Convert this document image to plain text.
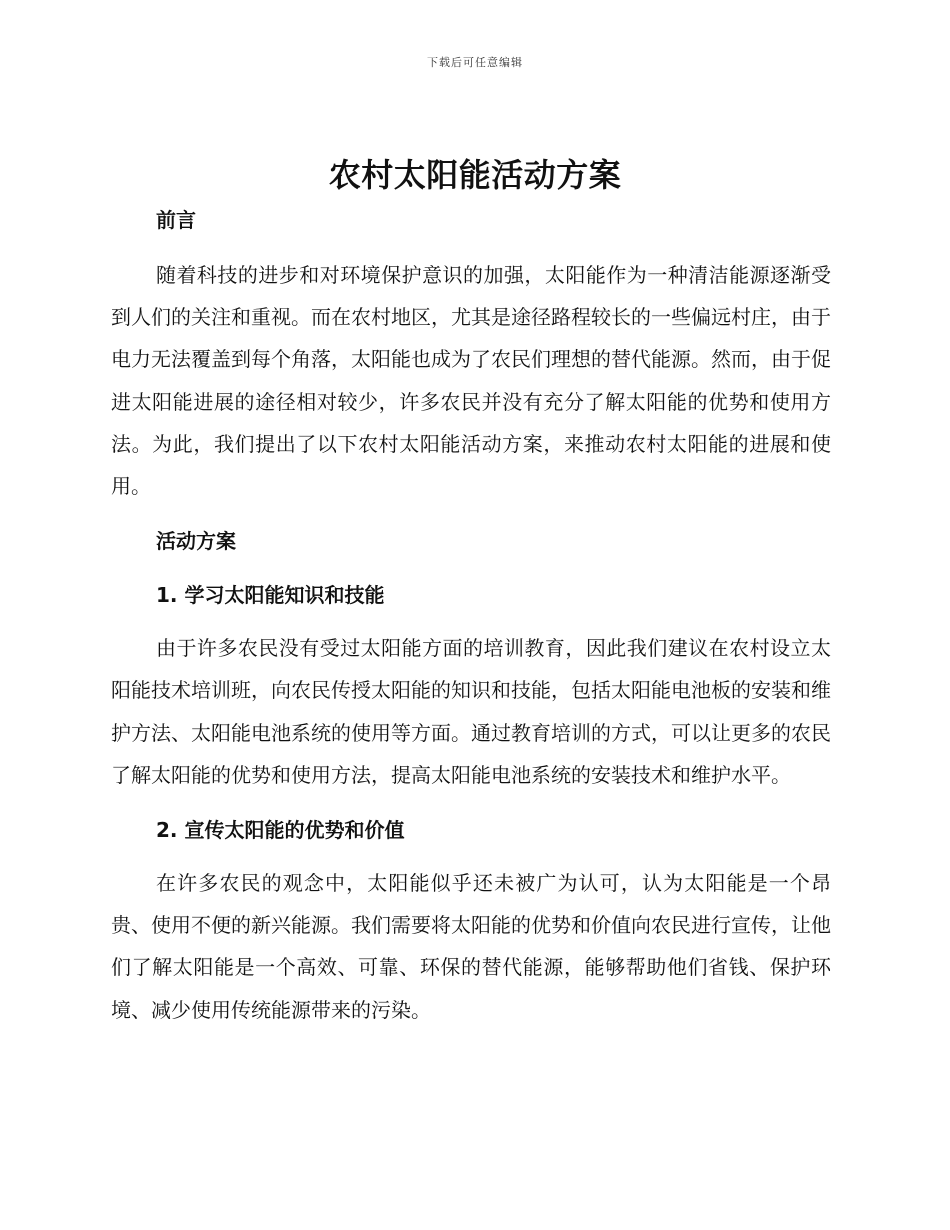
下载后可任意编辑
农村太阳能活动方案
前言

随着科技的进步和对环境保护意识的加强，太阳能作为一种清洁能源逐渐受到人们的关注和重视。而在农村地区，尤其是途径路程较长的一些偏远村庄，由于电力无法覆盖到每个角落，太阳能也成为了农民们理想的替代能源。然而，由于促进太阳能进展的途径相对较少，许多农民并没有充分了解太阳能的优势和使用方法。为此，我们提出了以下农村太阳能活动方案，来推动农村太阳能的进展和使用。

活动方案
1. 学习太阳能知识和技能

由于许多农民没有受过太阳能方面的培训教育，因此我们建议在农村设立太阳能技术培训班，向农民传授太阳能的知识和技能，包括太阳能电池板的安装和维护方法、太阳能电池系统的使用等方面。通过教育培训的方式，可以让更多的农民了解太阳能的优势和使用方法，提高太阳能电池系统的安装技术和维护水平。

2. 宣传太阳能的优势和价值

在许多农民的观念中，太阳能似乎还未被广为认可，认为太阳能是一个昂贵、使用不便的新兴能源。我们需要将太阳能的优势和价值向农民进行宣传，让他们了解太阳能是一个高效、可靠、环保的替代能源，能够帮助他们省钱、保护环境、减少使用传统能源带来的污染。
